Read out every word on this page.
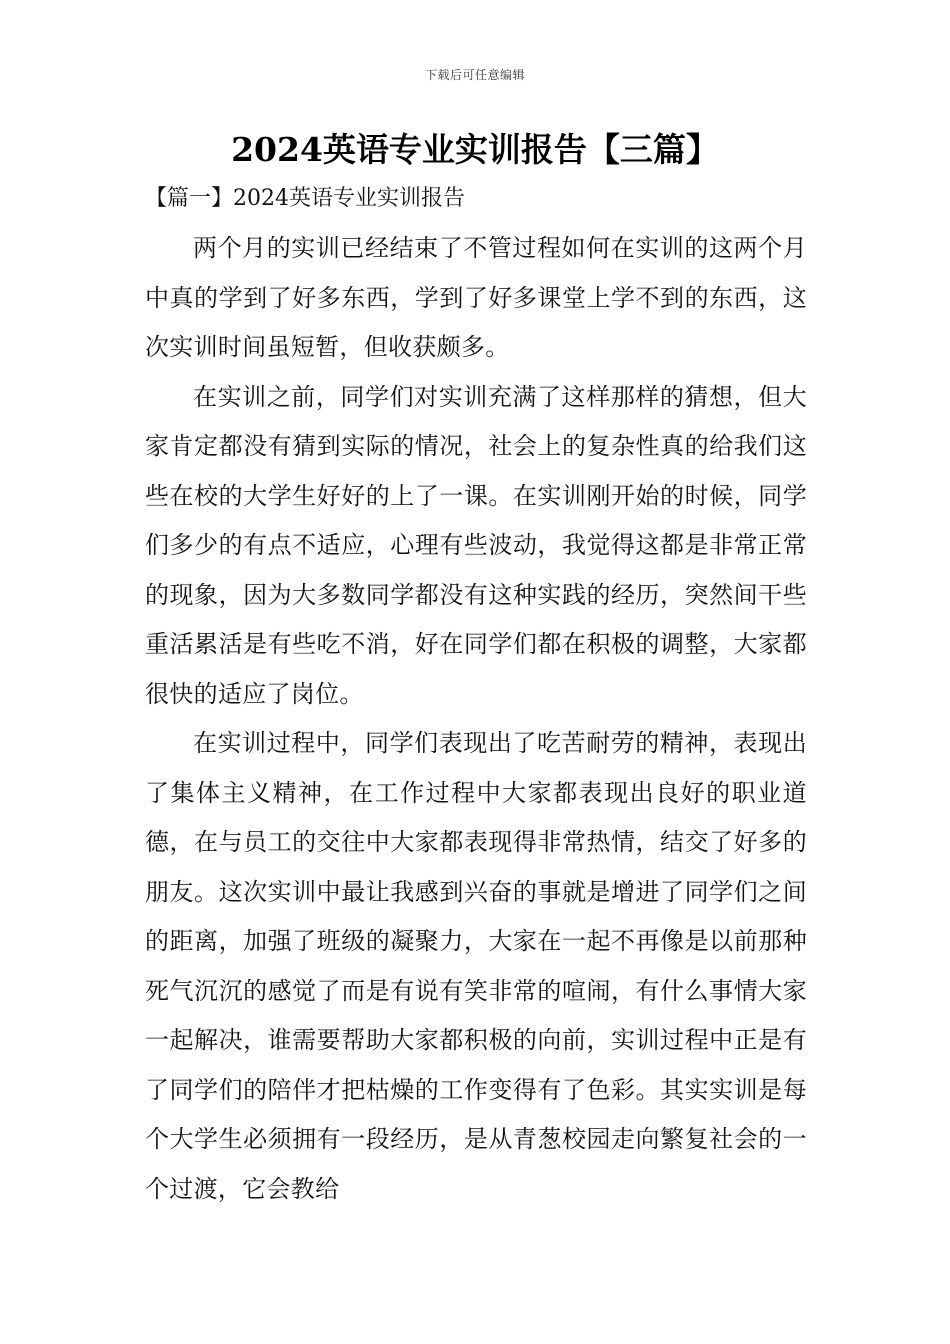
下载后可任意编辑
2024英语专业实训报告【三篇】
【篇一】2024英语专业实训报告

两个月的实训已经结束了不管过程如何在实训的这两个月中真的学到了好多东西，学到了好多课堂上学不到的东西，这次实训时间虽短暂，但收获颇多。

在实训之前，同学们对实训充满了这样那样的猜想，但大家肯定都没有猜到实际的情况，社会上的复杂性真的给我们这些在校的大学生好好的上了一课。在实训刚开始的时候，同学们多少的有点不适应，心理有些波动，我觉得这都是非常正常的现象，因为大多数同学都没有这种实践的经历，突然间干些重活累活是有些吃不消，好在同学们都在积极的调整，大家都很快的适应了岗位。

在实训过程中，同学们表现出了吃苦耐劳的精神，表现出了集体主义精神，在工作过程中大家都表现出良好的职业道德，在与员工的交往中大家都表现得非常热情，结交了好多的朋友。这次实训中最让我感到兴奋的事就是增进了同学们之间的距离，加强了班级的凝聚力，大家在一起不再像是以前那种死气沉沉的感觉了而是有说有笑非常的喧闹，有什么事情大家一起解决，谁需要帮助大家都积极的向前，实训过程中正是有了同学们的陪伴才把枯燥的工作变得有了色彩。其实实训是每个大学生必须拥有一段经历，是从青葱校园走向繁复社会的一个过渡，它会教给
